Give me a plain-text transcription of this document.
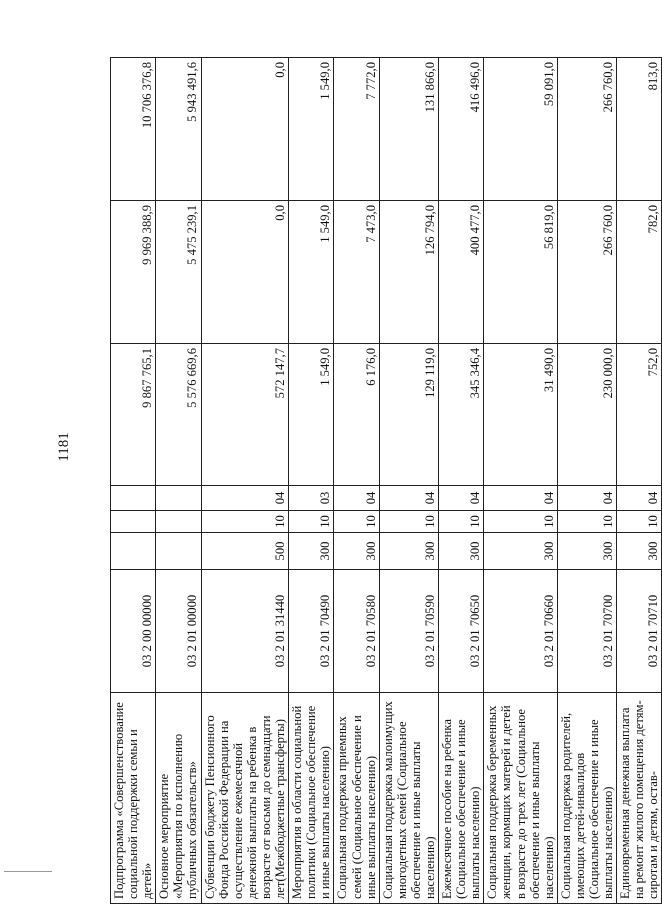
1181
Подпрограмма «Совершенствование социальной поддержки семьи и детей»	03 2 00 00000				9 867 765,1	9 969 388,9	10 706 376,8
Основное мероприятие «Мероприятия по исполнению публичных обязательств»	03 2 01 00000				5 576 669,6	5 475 239,1	5 943 491,6
Субвенции бюджету Пенсионного Фонда Российской Федерации на осуществление ежемесячной денежной выплаты на ребенка в возрасте от восьми до семнадцати лет(Межбюджетные трансферты)	03 2 01 31440	500	10	04	572 147,7	0,0	0,0
Мероприятия в области социальной политики (Социальное обеспечение и иные выплаты населению)	03 2 01 70490	300	10	03	1 549,0	1 549,0	1 549,0
Социальная поддержка приемных семей (Социальное обеспечение и иные выплаты населению)	03 2 01 70580	300	10	04	6 176,0	7 473,0	7 772,0
Социальная поддержка малоимущих многодетных семей (Социальное обеспечение и иные выплаты населению)	03 2 01 70590	300	10	04	129 119,0	126 794,0	131 866,0
Ежемесячное пособие на ребенка (Социальное обеспечение и иные выплаты населению)	03 2 01 70650	300	10	04	345 346,4	400 477,0	416 496,0
Социальная поддержка беременных женщин, кормящих матерей и детей в возрасте до трех лет (Социальное обеспечение и иные выплаты населению)	03 2 01 70660	300	10	04	31 490,0	56 819,0	59 091,0
Социальная поддержка родителей, имеющих детей-инвалидов (Социальное обеспечение и иные выплаты населению)	03 2 01 70700	300	10	04	230 000,0	266 760,0	266 760,0
Единовременная денежная выплата на ремонт жилого помещения детям-сиротам и детям, остав-	03 2 01 70710	300	10	04	752,0	782,0	813,0
